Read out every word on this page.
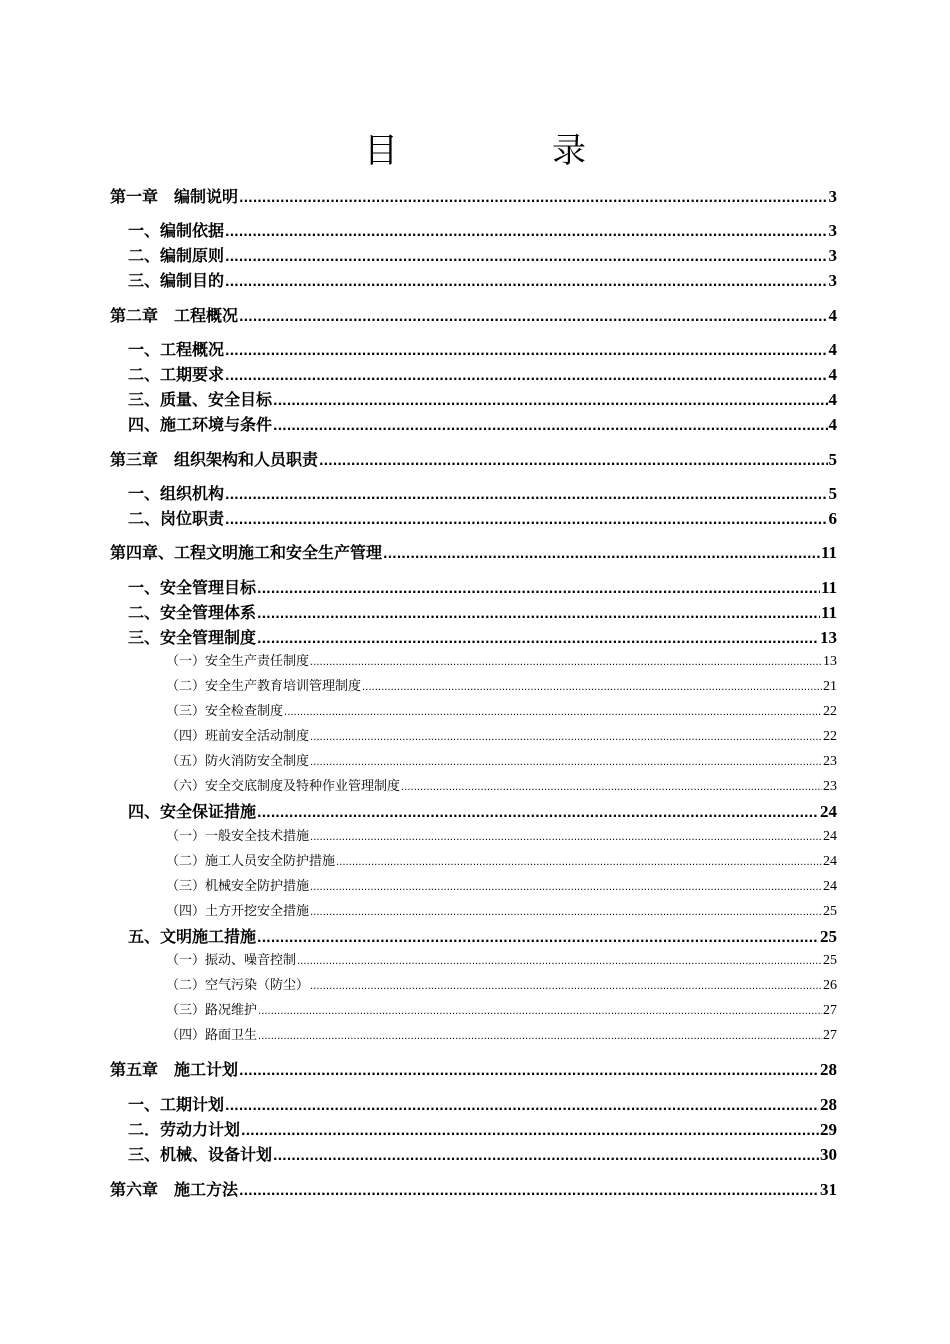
目　录
第一章　编制说明 .....	3
一、编制依据 .....	3
二、编制原则 .....	3
三、编制目的 .....	3
第二章　工程概况 .....	4
一、工程概况 .....	4
二、工期要求 .....	4
三、质量、安全目标 .....	4
四、施工环境与条件 .....	4
第三章　组织架构和人员职责 .....	5
一、组织机构 .....	5
二、岗位职责 .....	6
第四章、工程文明施工和安全生产管理 .....	11
一、安全管理目标 .....	11
二、安全管理体系 .....	11
三、安全管理制度 .....	13
（一）安全生产责任制度 .....	13
（二）安全生产教育培训管理制度 .....	21
（三）安全检查制度 .....	22
（四）班前安全活动制度 .....	22
（五）防火消防安全制度 .....	23
（六）安全交底制度及特种作业管理制度 .....	23
四、安全保证措施 .....	24
（一）一般安全技术措施 .....	24
（二）施工人员安全防护措施 .....	24
（三）机械安全防护措施 .....	24
（四）土方开挖安全措施 .....	25
五、文明施工措施 .....	25
（一）振动、噪音控制 .....	25
（二）空气污染（防尘） .....	26
（三）路况维护 .....	27
（四）路面卫生 .....	27
第五章　施工计划 .....	28
一、工期计划 .....	28
二．劳动力计划 .....	29
三、机械、设备计划 .....	30
第六章　施工方法 .....	31
